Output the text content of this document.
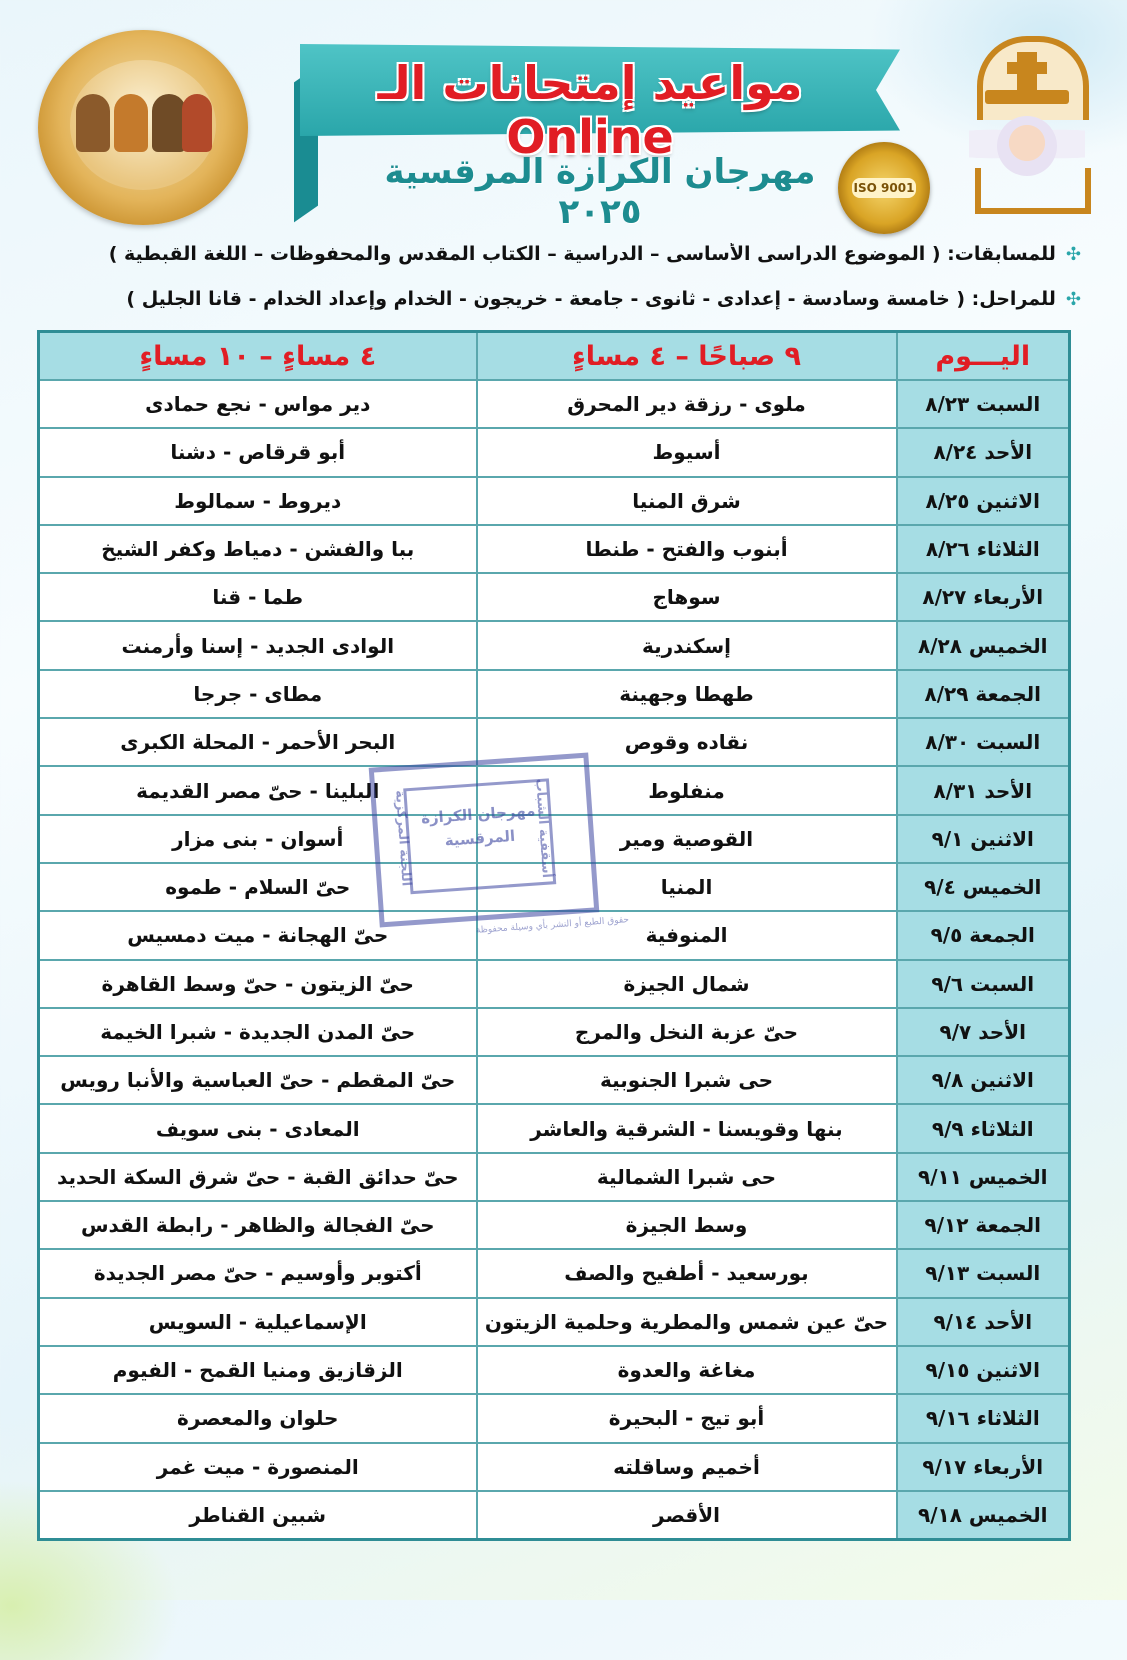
مواعيد إمتحانات الـ Online
مهرجان الكرازة المرقسية ٢٠٢٥
ISO 9001
✣للمسابقات: ( الموضوع الدراسى الأساسى – الدراسية – الكتاب المقدس والمحفوظات – اللغة القبطية )
✣للمراحل: ( خامسة وسادسة - إعدادى - ثانوى - جامعة - خريجون - الخدام وإعداد الخدام - قانا الجليل )
اليـــوم	٩ صباحًا – ٤ مساءٍ	٤ مساءٍ – ١٠ مساءٍ
السبت ٨/٢٣	ملوى - رزقة دير المحرق	دير مواس - نجع حمادى
الأحد ٨/٢٤	أسيوط	أبو قرقاص - دشنا
الاثنين ٨/٢٥	شرق المنيا	ديروط - سمالوط
الثلاثاء ٨/٢٦	أبنوب والفتح - طنطا	ببا والفشن - دمياط وكفر الشيخ
الأربعاء ٨/٢٧	سوهاج	طما - قنا
الخميس ٨/٢٨	إسكندرية	الوادى الجديد - إسنا وأرمنت
الجمعة ٨/٢٩	طهطا وجهينة	مطاى - جرجا
السبت ٨/٣٠	نقاده وقوص	البحر الأحمر - المحلة الكبرى
الأحد ٨/٣١	منفلوط	البلينا - حىّ مصر القديمة
الاثنين ٩/١	القوصية ومير	أسوان - بنى مزار
الخميس ٩/٤	المنيا	حىّ السلام - طموه
الجمعة ٩/٥	المنوفية	حىّ الهجانة - ميت دمسيس
السبت ٩/٦	شمال الجيزة	حىّ الزيتون - حىّ وسط القاهرة
الأحد ٩/٧	حىّ عزبة النخل والمرج	حىّ المدن الجديدة - شبرا الخيمة
الاثنين ٩/٨	حى شبرا الجنوبية	حىّ المقطم - حىّ العباسية والأنبا رويس
الثلاثاء ٩/٩	بنها وقويسنا - الشرقية والعاشر	المعادى - بنى سويف
الخميس ٩/١١	حى شبرا الشمالية	حىّ حدائق القبة - حىّ شرق السكة الحديد
الجمعة ٩/١٢	وسط الجيزة	حىّ الفجالة والظاهر - رابطة القدس
السبت ٩/١٣	بورسعيد - أطفيح والصف	أكتوبر وأوسيم - حىّ مصر الجديدة
الأحد ٩/١٤	حىّ عين شمس والمطرية وحلمية الزيتون	الإسماعيلية - السويس
الاثنين ٩/١٥	مغاغة والعدوة	الزقازيق ومنيا القمح - الفيوم
الثلاثاء ٩/١٦	أبو تيج - البحيرة	حلوان والمعصرة
الأربعاء ٩/١٧	أخميم وساقلته	المنصورة - ميت غمر
الخميس ٩/١٨	الأقصر	شبين القناطر
مهرجان الكرازة المرقسية	أسقفية الشباب
اللجنة المركزية
حقوق الطبع أو النشر بأي وسيلة محفوظة
